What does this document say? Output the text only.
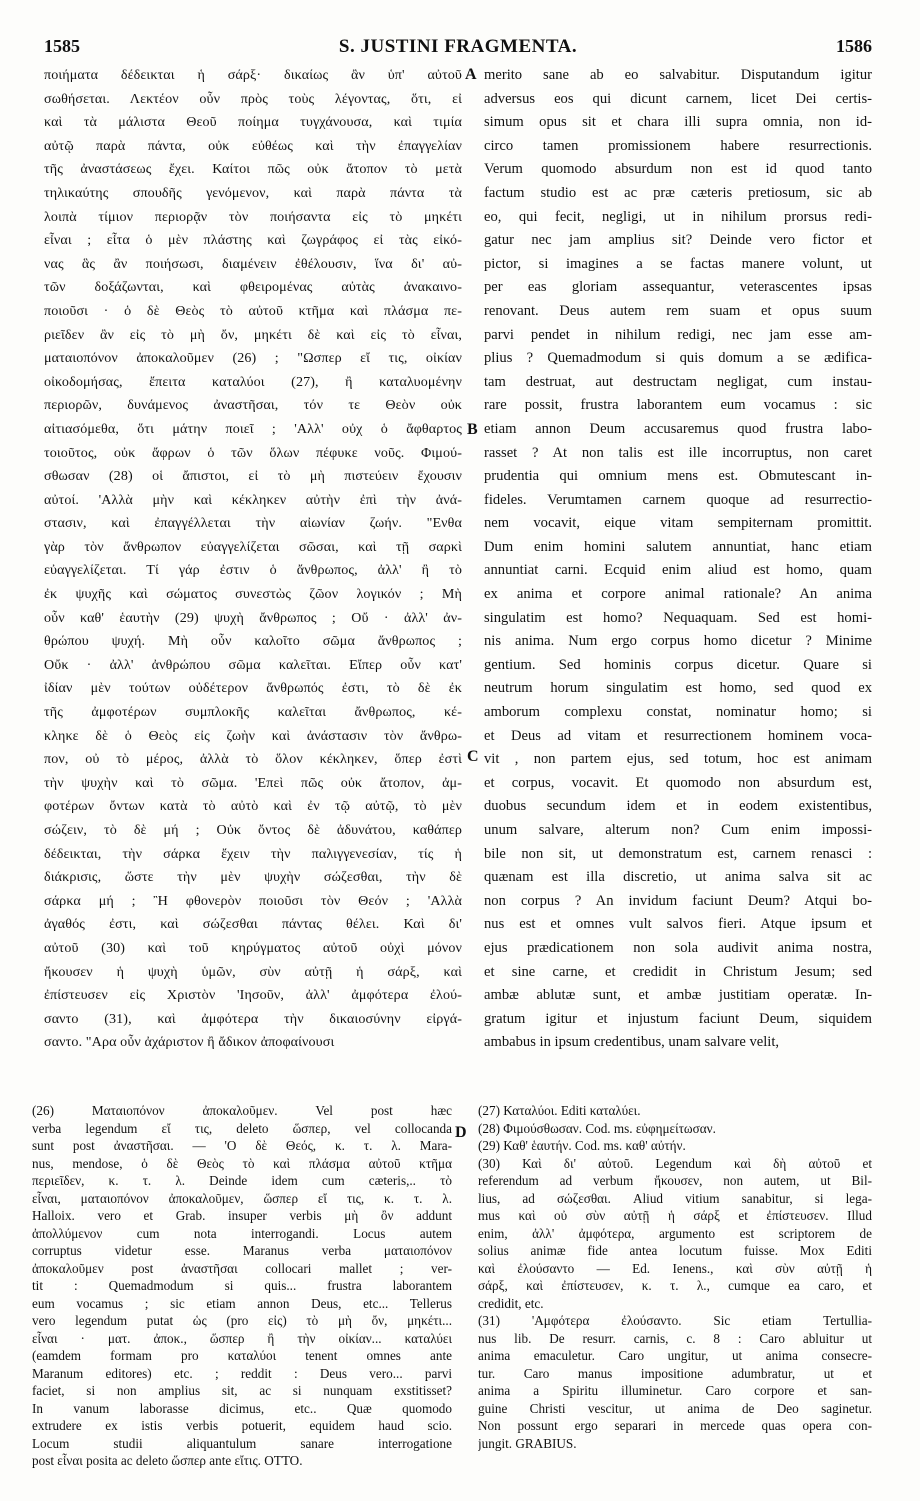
1585	S. JUSTINI FRAGMENTA.	1586
ποιήματα δέδεικται ἡ σάρξ· δικαίως ἂν ὑπ' αὐτοῦ
σωθήσεται. Λεκτέον οὖν πρὸς τοὺς λέγοντας, ὅτι, εἰ
καὶ τὰ μάλιστα Θεοῦ ποίημα τυγχάνουσα, καὶ τιμία
αὐτῷ παρὰ πάντα, οὐκ εὐθέως καὶ τὴν ἐπαγγελίαν
τῆς ἀναστάσεως ἔχει. Καίτοι πῶς οὐκ ἄτοπον τὸ μετὰ
τηλικαύτης σπουδῆς γενόμενον, καὶ παρὰ πάντα τὰ
λοιπὰ τίμιον περιορᾷν τὸν ποιήσαντα εἰς τὸ μηκέτι
εἶναι ; εἶτα ὁ μὲν πλάστης καὶ ζωγράφος εἰ τὰς εἰκό-
νας ἃς ἂν ποιήσωσι, διαμένειν ἐθέλουσιν, ἵνα δι' αὐ-
τῶν δοξάζωνται, καὶ φθειρομένας αὐτὰς ἀνακαινο-
ποιοῦσι · ὁ δὲ Θεὸς τὸ αὐτοῦ κτῆμα καὶ πλάσμα πε-
ριεῖδεν ἂν εἰς τὸ μὴ ὄν, μηκέτι δὲ καὶ εἰς τὸ εἶναι,
ματαιοπόνον ἀποκαλοῦμεν (26) ; "Ωσπερ εἴ τις, οἰκίαν
οἰκοδομήσας, ἔπειτα καταλύοι (27), ἢ καταλυομένην
περιορῶν, δυνάμενος ἀναστῆσαι, τόν τε Θεὸν οὐκ
αἰτιασόμεθα, ὅτι μάτην ποιεῖ ; 'Αλλ' οὐχ ὁ ἄφθαρτος
τοιοῦτος, οὐκ ἄφρων ὁ τῶν ὅλων πέφυκε νοῦς. Φιμού-
σθωσαν (28) οἱ ἄπιστοι, εἰ τὸ μὴ πιστεύειν ἔχουσιν
αὐτοί. 'Αλλὰ μὴν καὶ κέκληκεν αὐτὴν ἐπὶ τὴν ἀνά-
στασιν, καὶ ἐπαγγέλλεται τὴν αἰωνίαν ζωήν. "Ενθα
γὰρ τὸν ἄνθρωπον εὐαγγελίζεται σῶσαι, καὶ τῇ σαρκὶ
εὐαγγελίζεται. Τί γάρ ἐστιν ὁ ἄνθρωπος, ἀλλ' ἢ τὸ
ἐκ ψυχῆς καὶ σώματος συνεστὼς ζῶον λογικόν ; Μὴ
οὖν καθ' ἑαυτὴν (29) ψυχὴ ἄνθρωπος ; Οὔ · ἀλλ' ἀν-
θρώπου ψυχή. Μὴ οὖν καλοῖτο σῶμα ἄνθρωπος ;
Οὔκ · ἀλλ' ἀνθρώπου σῶμα καλεῖται. Εἴπερ οὖν κατ'
ἰδίαν μὲν τούτων οὐδέτερον ἄνθρωπός ἐστι, τὸ δὲ ἐκ
τῆς ἀμφοτέρων συμπλοκῆς καλεῖται ἄνθρωπος, κέ-
κληκε δὲ ὁ Θεὸς εἰς ζωὴν καὶ ἀνάστασιν τὸν ἄνθρω-
πον, οὐ τὸ μέρος, ἀλλὰ τὸ ὅλον κέκληκεν, ὅπερ ἐστὶ
τὴν ψυχὴν καὶ τὸ σῶμα. 'Επεὶ πῶς οὐκ ἄτοπον, ἀμ-
φοτέρων ὄντων κατὰ τὸ αὐτὸ καὶ ἐν τῷ αὐτῷ, τὸ μὲν
σώζειν, τὸ δὲ μή ; Οὐκ ὄντος δὲ ἀδυνάτου, καθάπερ
δέδεικται, τὴν σάρκα ἔχειν τὴν παλιγγενεσίαν, τίς ἡ
διάκρισις, ὥστε τὴν μὲν ψυχὴν σώζεσθαι, τὴν δὲ
σάρκα μή ; Ἢ φθονερὸν ποιοῦσι τὸν Θεόν ; 'Αλλὰ
ἀγαθός ἐστι, καὶ σώζεσθαι πάντας θέλει. Καὶ δι'
αὐτοῦ (30) καὶ τοῦ κηρύγματος αὐτοῦ οὐχὶ μόνον
ἤκουσεν ἡ ψυχὴ ὑμῶν, σὺν αὐτῇ ἡ σάρξ, καὶ
ἐπίστευσεν εἰς Χριστὸν 'Ιησοῦν, ἀλλ' ἀμφότερα ἐλού-
σαντο (31), καὶ ἀμφότερα τὴν δικαιοσύνην εἰργά-
σαντο. "Αρα οὖν ἀχάριστον ἢ ἄδικον ἀποφαίνουσι
merito sane ab eo salvabitur. Disputandum igitur
adversus eos qui dicunt carnem, licet Dei certis-
simum opus sit et chara illi supra omnia, non id-
circo tamen promissionem habere resurrectionis.
Verum quomodo absurdum non est id quod tanto
factum studio est ac præ cæteris pretiosum, sic ab
eo, qui fecit, negligi, ut in nihilum prorsus redi-
gatur nec jam amplius sit? Deinde vero fictor et
pictor, si imagines a se factas manere volunt, ut
per eas gloriam assequantur, veterascentes ipsas
renovant. Deus autem rem suam et opus suum
parvi pendet in nihilum redigi, nec jam esse am-
plius ? Quemadmodum si quis domum a se ædifica-
tam destruat, aut destructam negligat, cum instau-
rare possit, frustra laborantem eum vocamus : sic
etiam annon Deum accusaremus quod frustra labo-
rasset ? At non talis est ille incorruptus, non caret
prudentia qui omnium mens est. Obmutescant in-
fideles. Verumtamen carnem quoque ad resurrectio-
nem vocavit, eique vitam sempiternam promittit.
Dum enim homini salutem annuntiat, hanc etiam
annuntiat carni. Ecquid enim aliud est homo, quam
ex anima et corpore animal rationale? An anima
singulatim est homo? Nequaquam. Sed est homi-
nis anima. Num ergo corpus homo dicetur ? Minime
gentium. Sed hominis corpus dicetur. Quare si
neutrum horum singulatim est homo, sed quod ex
amborum complexu constat, nominatur homo; si
et Deus ad vitam et resurrectionem hominem voca-
vit , non partem ejus, sed totum, hoc est animam
et corpus, vocavit. Et quomodo non absurdum est,
duobus secundum idem et in eodem existentibus,
unum salvare, alterum non? Cum enim impossi-
bile non sit, ut demonstratum est, carnem renasci :
quænam est illa discretio, ut anima salva sit ac
non corpus ? An invidum faciunt Deum? Atqui bo-
nus est et omnes vult salvos fieri. Atque ipsum et
ejus prædicationem non sola audivit anima nostra,
et sine carne, et credidit in Christum Jesum; sed
ambæ ablutæ sunt, et ambæ justitiam operatæ. In-
gratum igitur et injustum faciunt Deum, siquidem
ambabus in ipsum credentibus, unam salvare velit,
A
B
C
D
(26) Ματαιοπόνον ἀποκαλοῦμεν. Vel post hæc
verba legendum εἴ τις, deleto ὥσπερ, vel collocanda
sunt post ἀναστῆσαι. — 'Ο δὲ Θεός, κ. τ. λ. Mara-
nus, mendose, ὁ δὲ Θεὸς τὸ καὶ πλάσμα αὐτοῦ κτῆμα
περιεῖδεν, κ. τ. λ. Deinde idem cum cæteris,.. τὸ
εἶναι, ματαιοπόνον ἀποκαλοῦμεν, ὥσπερ εἴ τις, κ. τ. λ.
Halloix. vero et Grab. insuper verbis μὴ ὂν addunt
ἀπολλύμενον cum nota interrogandi. Locus autem
corruptus videtur esse. Maranus verba ματαιοπόνον
ἀποκαλοῦμεν post ἀναστῆσαι collocari mallet ; ver-
tit : Quemadmodum si quis... frustra laborantem
eum vocamus ; sic etiam annon Deus, etc... Tellerus
vero legendum putat ὡς (pro εἰς) τὸ μὴ ὄν, μηκέτι...
εἶναι · ματ. ἀποκ., ὥσπερ ἢ τὴν οἰκίαν... καταλύει
(eamdem formam pro καταλύοι tenent omnes ante
Maranum editores) etc. ; reddit : Deus vero... parvi
faciet, si non amplius sit, ac si nunquam exstitisset?
In vanum laborasse dicimus, etc.. Quæ quomodo
extrudere ex istis verbis potuerit, equidem haud scio.
Locum studii aliquantulum sanare interrogatione
post εἶναι posita ac deleto ὥσπερ ante εἴτις. OTTO.
(27) Καταλύοι. Editi καταλύει.
(28) Φιμούσθωσαν. Cod. ms. εὐφημείτωσαν.
(29) Καθ' ἑαυτήν. Cod. ms. καθ' αὐτήν.
(30) Καὶ δι' αὐτοῦ. Legendum καὶ δὴ αὐτοῦ et
referendum ad verbum ἤκουσεν, non autem, ut Bil-
lius, ad σώζεσθαι. Aliud vitium sanabitur, si lega-
mus καὶ οὐ σὺν αὐτῇ ἡ σάρξ et ἐπίστευσεν. Illud
enim, ἀλλ' ἀμφότερα, argumento est scriptorem de
solius animæ fide antea locutum fuisse. Mox Editi
καὶ ἐλούσαντο — Ed. Ienens., καὶ σὺν αὐτῇ ἡ
σάρξ, καὶ ἐπίστευσεν, κ. τ. λ., cumque ea caro, et
credidit, etc.
(31) 'Αμφότερα ἐλούσαντο. Sic etiam Tertullia-
nus lib. De resurr. carnis, c. 8 : Caro abluitur ut
anima emaculetur. Caro ungitur, ut anima consecre-
tur. Caro manus impositione adumbratur, ut et
anima a Spiritu illuminetur. Caro corpore et san-
guine Christi vescitur, ut anima de Deo saginetur.
Non possunt ergo separari in mercede quas opera con-
jungit. GRABIUS.
